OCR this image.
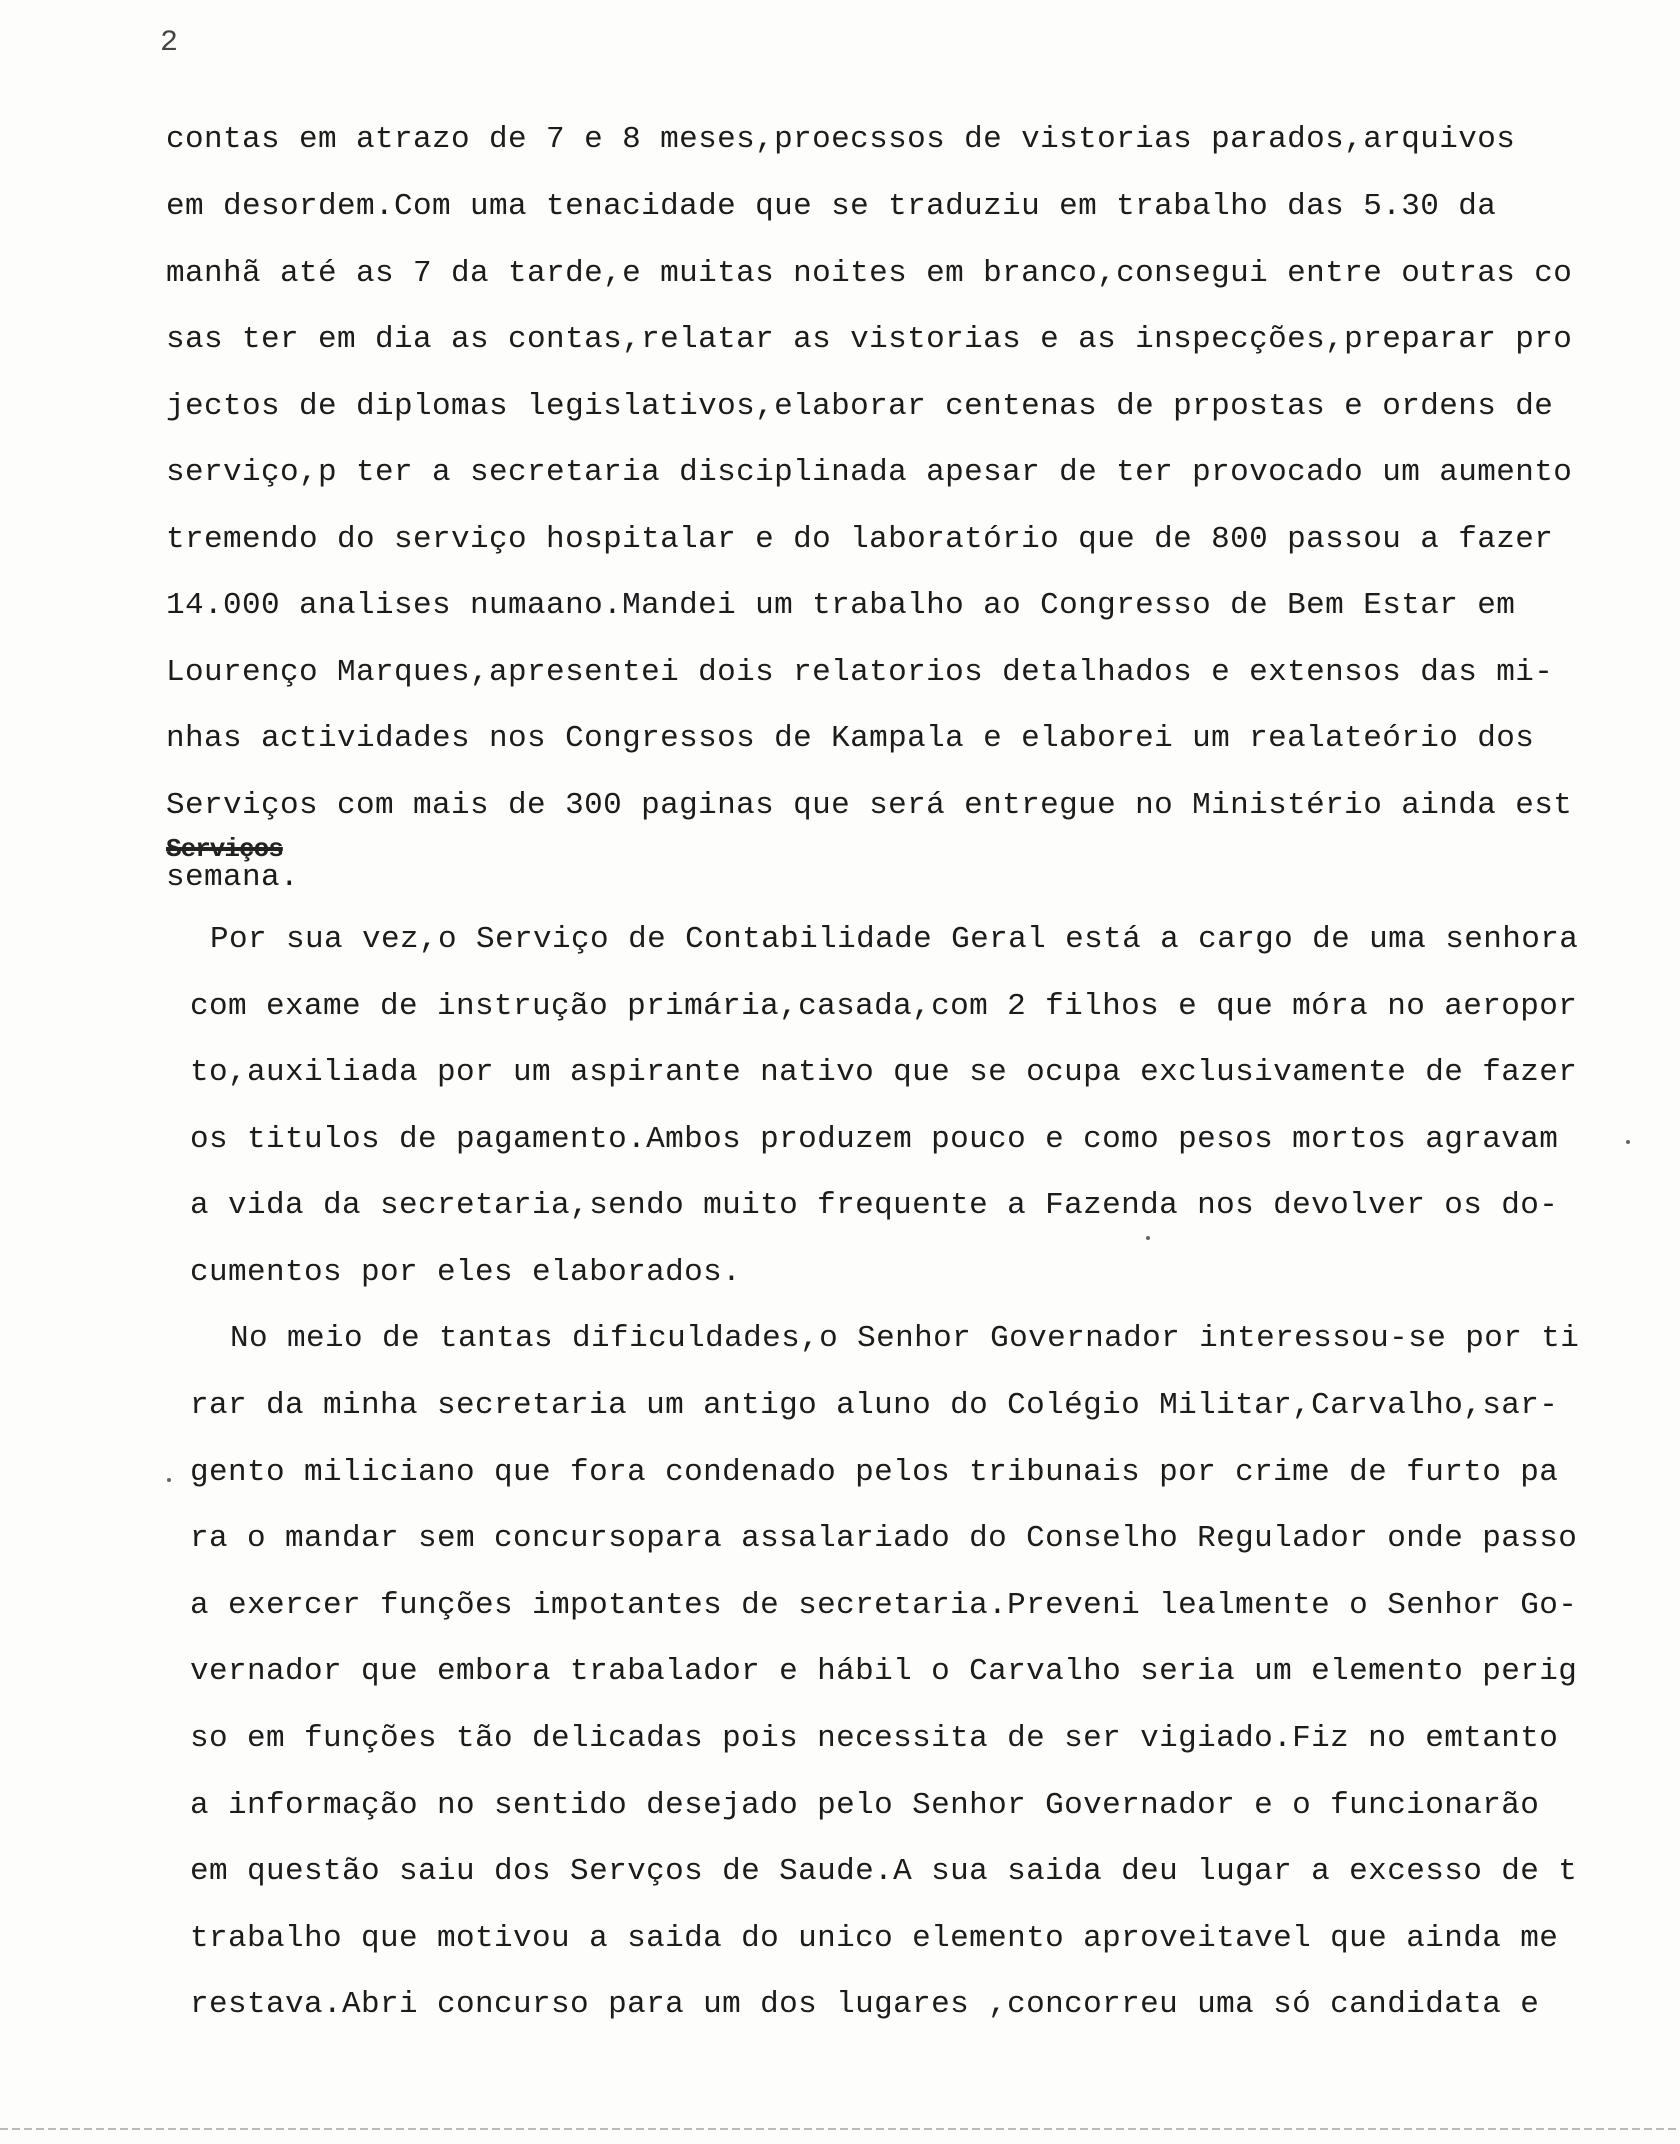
2
contas em atrazo de 7 e 8 meses,proecssos de vistorias parados,arquivos
em desordem.Com uma tenacidade que se traduziu em trabalho das 5.30 da
manhã até as 7 da tarde,e muitas noites em branco,consegui entre outras co
sas ter em dia as contas,relatar as vistorias e as inspecções,preparar pro
jectos de diplomas legislativos,elaborar centenas de prpostas e ordens de
serviço,p ter a secretaria disciplinada apesar de ter provocado um aumento
tremendo do serviço hospitalar e do laboratório que de 800 passou a fazer
14.000 analises numaano.Mandei um trabalho ao Congresso de Bem Estar em
Lourenço Marques,apresentei dois relatorios detalhados e extensos das mi-
nhas actividades nos Congressos de Kampala e elaborei um realateório dos
Serviços com mais de 300 paginas que será entregue no Ministério ainda est
Serviços
semana.
Por sua vez,o Serviço de Contabilidade Geral está a cargo de uma senhora
com exame de instrução primária,casada,com 2 filhos e que móra no aeropor
to,auxiliada por um aspirante nativo que se ocupa exclusivamente de fazer
os titulos de pagamento.Ambos produzem pouco e como pesos mortos agravam
a vida da secretaria,sendo muito frequente a Fazenda nos devolver os do-
cumentos por eles elaborados.
No meio de tantas dificuldades,o Senhor Governador interessou-se por ti
rar da minha secretaria um antigo aluno do Colégio Militar,Carvalho,sar-
gento miliciano que fora condenado pelos tribunais por crime de furto pa
ra o mandar sem concursopara assalariado do Conselho Regulador onde passo
a exercer funções impotantes de secretaria.Preveni lealmente o Senhor Go-
vernador que embora trabalador e hábil o Carvalho seria um elemento perig
so em funções tão delicadas pois necessita de ser vigiado.Fiz no emtanto
a informação no sentido desejado pelo Senhor Governador e o funcionarão
em questão saiu dos Servços de Saude.A sua saida deu lugar a excesso de t
trabalho que motivou a saida do unico elemento aproveitavel que ainda me
restava.Abri concurso para um dos lugares ,concorreu uma só candidata e
